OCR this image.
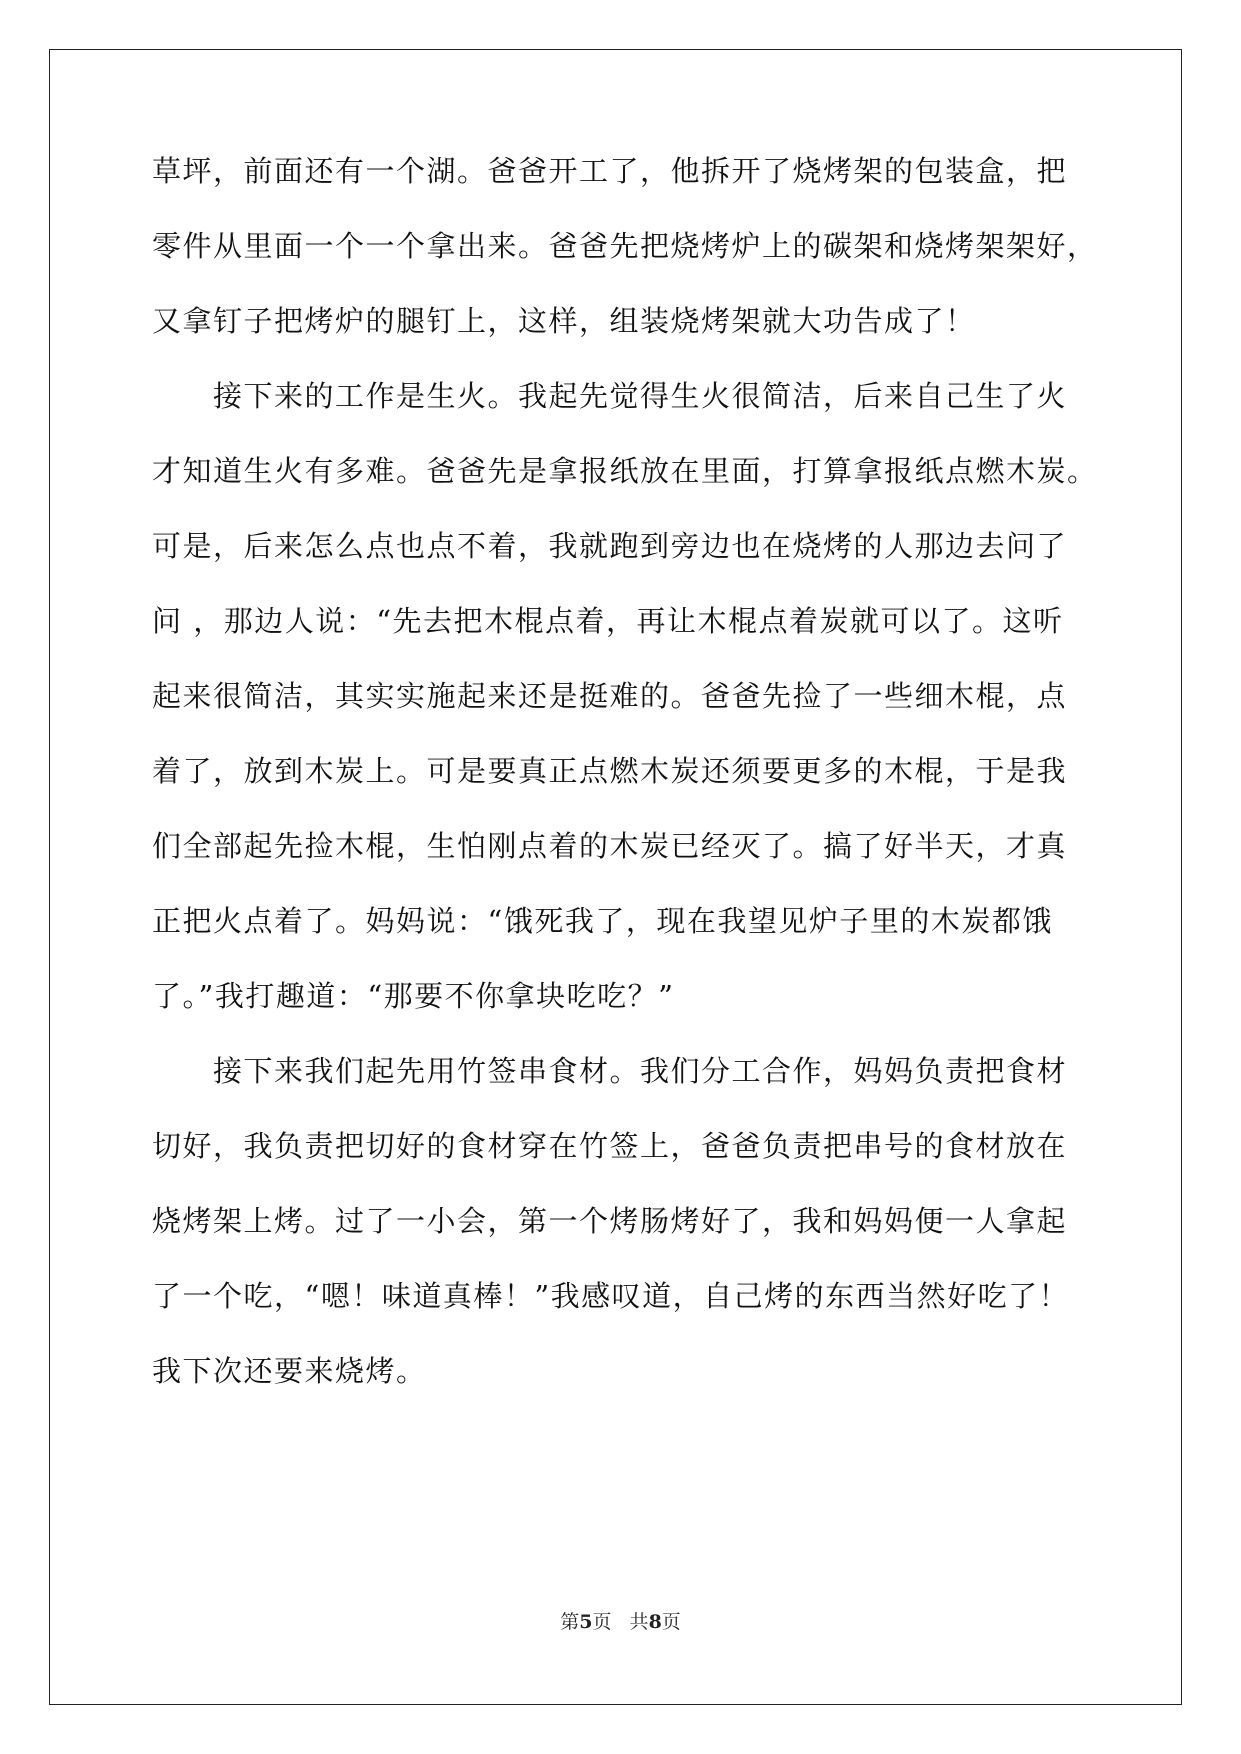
草坪，前面还有一个湖。爸爸开工了，他拆开了烧烤架的包装盒，把
零件从里面一个一个拿出来。爸爸先把烧烤炉上的碳架和烧烤架架好，
又拿钉子把烤炉的腿钉上，这样，组装烧烤架就大功告成了！
　　接下来的工作是生火。我起先觉得生火很简洁，后来自己生了火
才知道生火有多难。爸爸先是拿报纸放在里面，打算拿报纸点燃木炭。
可是，后来怎么点也点不着，我就跑到旁边也在烧烤的人那边去问了
问 ，那边人说：“先去把木棍点着，再让木棍点着炭就可以了。这听
起来很简洁，其实实施起来还是挺难的。爸爸先捡了一些细木棍，点
着了，放到木炭上。可是要真正点燃木炭还须要更多的木棍，于是我
们全部起先捡木棍，生怕刚点着的木炭已经灭了。搞了好半天，才真
正把火点着了。妈妈说：“饿死我了，现在我望见炉子里的木炭都饿
了。”我打趣道：“那要不你拿块吃吃？”
　　接下来我们起先用竹签串食材。我们分工合作，妈妈负责把食材
切好，我负责把切好的食材穿在竹签上，爸爸负责把串号的食材放在
烧烤架上烤。过了一小会，第一个烤肠烤好了，我和妈妈便一人拿起
了一个吃，“嗯！味道真棒！”我感叹道，自己烤的东西当然好吃了！
我下次还要来烧烤。
第5页   共8页
